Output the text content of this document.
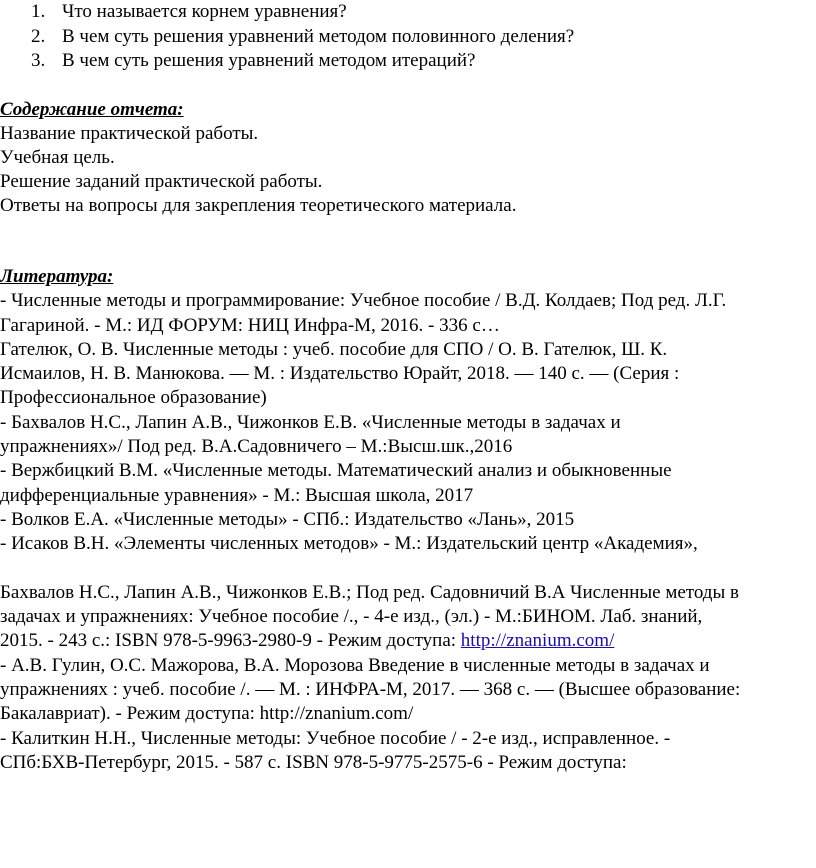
1. Что называется корнем уравнения?
2. В чем суть решения уравнений методом половинного деления?
3. В чем суть решения уравнений методом итераций?
Содержание отчета:
Название практической работы.
Учебная цель.
Решение заданий практической работы.
Ответы на вопросы для закрепления теоретического материала.
Литература:
- Численные методы и программирование: Учебное пособие / В.Д. Колдаев; Под ред. Л.Г.
Гагариной. - М.: ИД ФОРУМ: НИЦ Инфра-М, 2016. - 336 с…
Гателюк, О. В. Численные методы : учеб. пособие для СПО / О. В. Гателюк, Ш. К.
Исмаилов, Н. В. Манюкова. — М. : Издательство Юрайт, 2018. — 140 с. — (Серия :
Профессиональное образование)
- Бахвалов Н.С., Лапин А.В., Чижонков Е.В. «Численные методы в задачах и
упражнениях»/ Под ред. В.А.Садовничего – М.:Высш.шк.,2016
- Вержбицкий В.М. «Численные методы. Математический анализ и обыкновенные
дифференциальные уравнения» - М.: Высшая школа, 2017
- Волков Е.А. «Численные методы» - СПб.: Издательство «Лань», 2015
- Исаков В.Н. «Элементы численных методов» - М.: Издательский центр «Академия»,
Бахвалов Н.С., Лапин А.В., Чижонков Е.В.; Под ред. Садовничий В.А Численные методы в
задачах и упражнениях: Учебное пособие /., - 4-е изд., (эл.) - М.:БИНОМ. Лаб. знаний,
2015. - 243 с.: ISBN 978-5-9963-2980-9 - Режим доступа: http://znanium.com/
- А.В. Гулин, О.С. Мажорова, В.А. Морозова Введение в численные методы в задачах и
упражнениях : учеб. пособие /. — М. : ИНФРА-М, 2017. — 368 с. — (Высшее образование:
Бакалавриат). - Режим доступа: http://znanium.com/
- Калиткин Н.Н., Численные методы: Учебное пособие / - 2-е изд., исправленное. -
СПб:БХВ-Петербург, 2015. - 587 с. ISBN 978-5-9775-2575-6 - Режим доступа:
